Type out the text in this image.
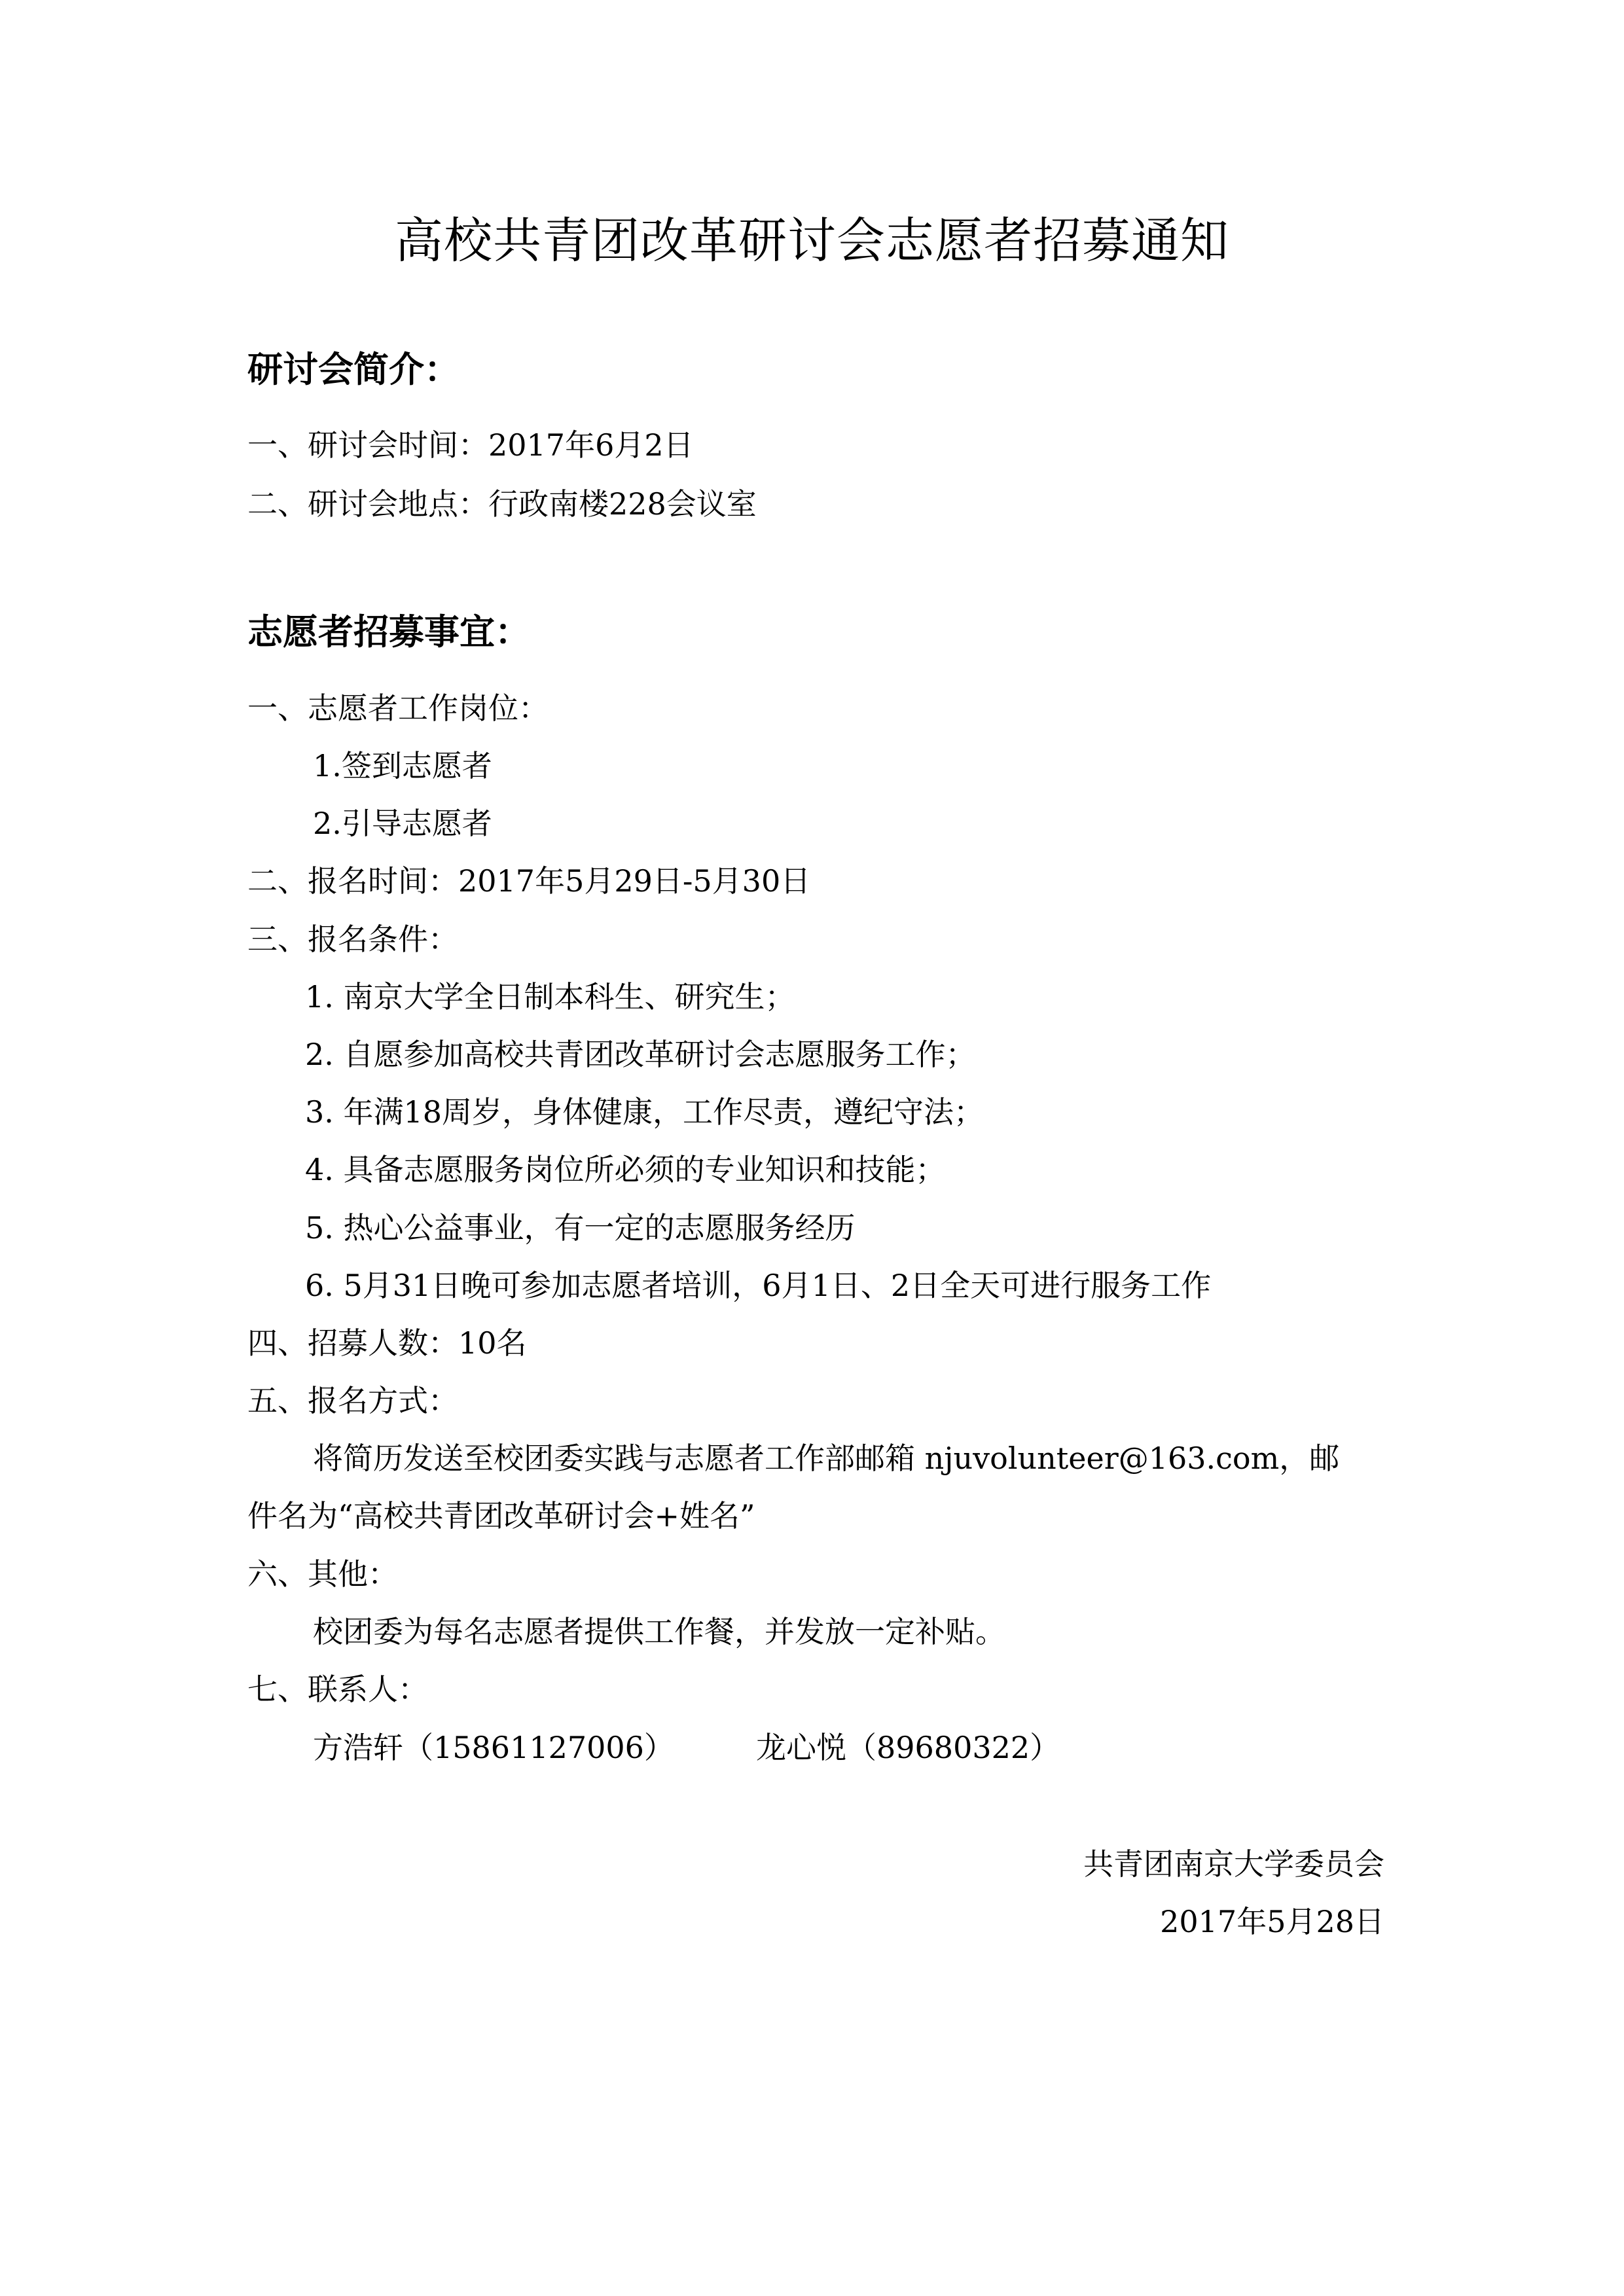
高校共青团改革研讨会志愿者招募通知
研讨会简介：
一、研讨会时间：2017年6月2日
二、研讨会地点：行政南楼228会议室
志愿者招募事宜：
一、志愿者工作岗位：
1.签到志愿者
2.引导志愿者
二、报名时间：2017年5月29日-5月30日
三、报名条件：
1. 南京大学全日制本科生、研究生；
2. 自愿参加高校共青团改革研讨会志愿服务工作；
3. 年满18周岁，身体健康，工作尽责，遵纪守法；
4. 具备志愿服务岗位所必须的专业知识和技能；
5. 热心公益事业，有一定的志愿服务经历
6. 5月31日晚可参加志愿者培训，6月1日、2日全天可进行服务工作
四、招募人数：10名
五、报名方式：
将简历发送至校团委实践与志愿者工作部邮箱 njuvolunteer@163.com，邮
件名为“高校共青团改革研讨会+姓名”
六、其他：
校团委为每名志愿者提供工作餐，并发放一定补贴。
七、联系人：
方浩轩（15861127006）	龙心悦（89680322）
共青团南京大学委员会
2017年5月28日
